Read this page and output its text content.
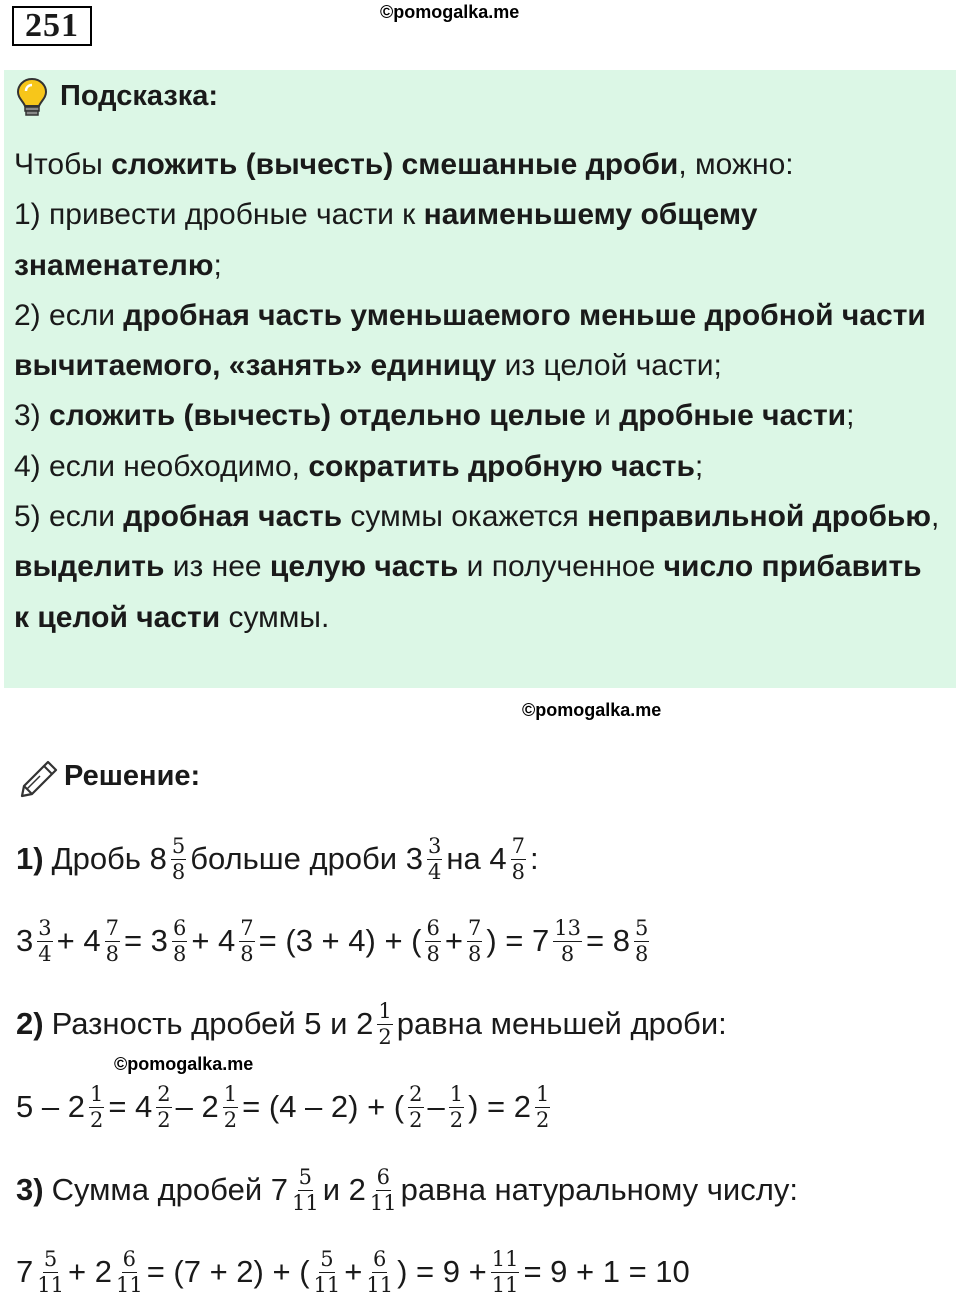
251	©pomogalka.me
Подсказка:

Чтобы сложить (вычесть) смешанные дроби, можно:

1) привести дробные части к наименьшему общему знаменателю;

2) если дробная часть уменьшаемого меньше дробной части вычитаемого, «занять» единицу из целой части;

3) сложить (вычесть) отдельно целые и дробные части;

4) если необходимо, сократить дробную часть;

5) если дробная часть суммы окажется неправильной дробью, выделить из нее целую часть и полученное число прибавить к целой части суммы.

©pomogalka.me
Решение:
1) Дробь $8 \frac{5}{8}$ больше дроби $3 \frac{3}{4}$ на $4 \frac{7}{8}$ :
$3 \frac{3}{4} + 4 \frac{7}{8} = 3 \frac{6}{8} + 4 \frac{7}{8} = (3 + 4)$ + ( $\frac{6}{8} + \frac{7}{8}$ ) = $7 \frac{13}{8} = 8 \frac{5}{8}$
2) Разность дробей 5 и $2 \frac{1}{2}$ равна меньшей дроби:
©pomogalka.me
$5 - 2 \frac{1}{2} = 4 \frac{2}{2} - 2 \frac{1}{2} = (4 - 2)$ + ( $\frac{2}{2} - \frac{1}{2}$ ) = $2 \frac{1}{2}$
3) Сумма дробей $7 \frac{5}{11}$ и $2 \frac{6}{11}$ равна натуральному числу:
$7 \frac{5}{11} + 2 \frac{6}{11} = (7 + 2)$ + ( $\frac{5}{11} + \frac{6}{11}$ ) = $9 + \frac{11}{11} = 9 + 1 = 10$
